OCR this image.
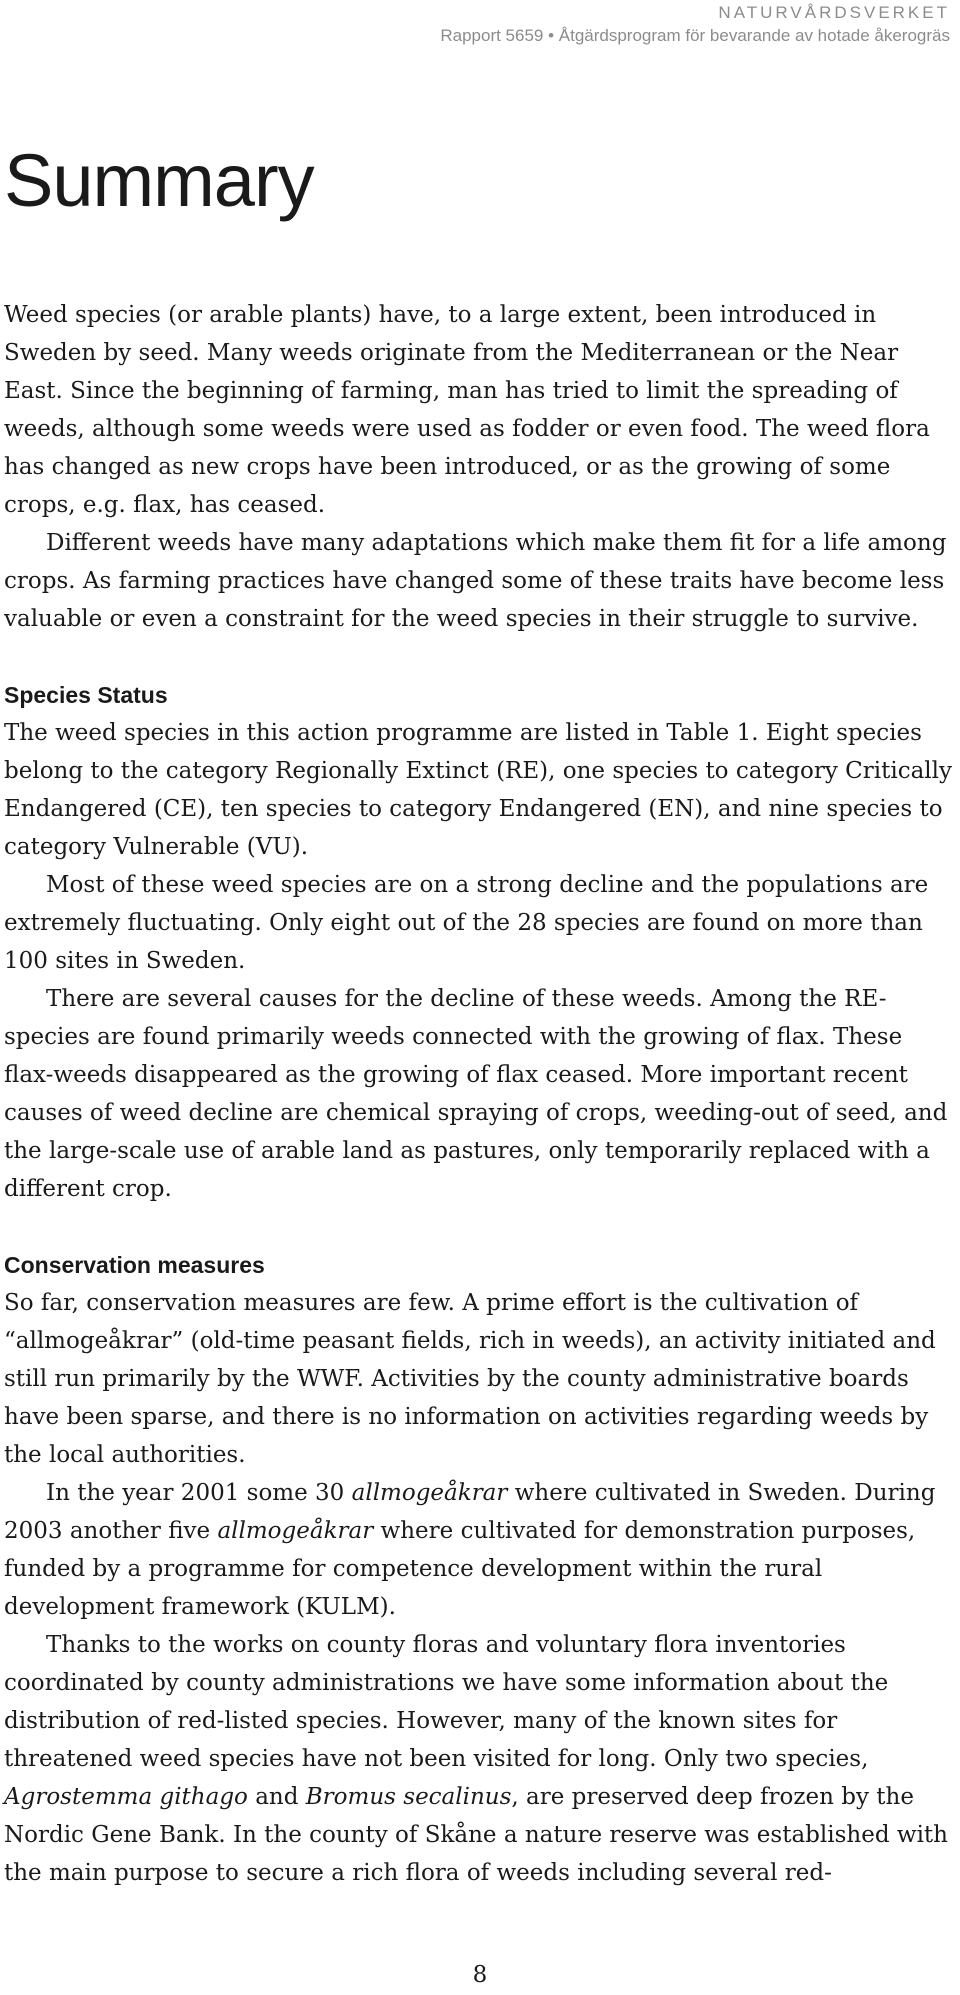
NATURVÅRDSVERKET
Rapport 5659 • Åtgärdsprogram för bevarande av hotade åkerogräs
Summary

Weed species (or arable plants) have, to a large extent, been introduced in Sweden by seed. Many weeds originate from the Mediterranean or the Near East. Since the beginning of farming, man has tried to limit the spreading of weeds, although some weeds were used as fodder or even food. The weed flora has changed as new crops have been introduced, or as the growing of some crops, e.g. flax, has ceased.

Different weeds have many adaptations which make them fit for a life among crops. As farming practices have changed some of these traits have become less valuable or even a constraint for the weed species in their struggle to survive.

Species Status

The weed species in this action programme are listed in Table 1. Eight species belong to the category Regionally Extinct (RE), one species to category Critically Endangered (CE), ten species to category Endangered (EN), and nine species to category Vulnerable (VU).

Most of these weed species are on a strong decline and the populations are extremely fluctuating. Only eight out of the 28 species are found on more than 100 sites in Sweden.

There are several causes for the decline of these weeds. Among the RE-species are found primarily weeds connected with the growing of flax. These flax-weeds disappeared as the growing of flax ceased. More important recent causes of weed decline are chemical spraying of crops, weeding-out of seed, and the large-scale use of arable land as pastures, only temporarily replaced with a different crop.

Conservation measures

So far, conservation measures are few. A prime effort is the cultivation of “allmogeåkrar” (old-time peasant fields, rich in weeds), an activity initiated and still run primarily by the WWF. Activities by the county administrative boards have been sparse, and there is no information on activities regarding weeds by the local authorities.

In the year 2001 some 30 allmogeåkrar where cultivated in Sweden. During 2003 another five allmogeåkrar where cultivated for demonstration purposes, funded by a programme for competence development within the rural development framework (KULM).

Thanks to the works on county floras and voluntary flora inventories coordinated by county administrations we have some information about the distribution of red-listed species. However, many of the known sites for threatened weed species have not been visited for long. Only two species, Agrostemma githago and Bromus secalinus, are preserved deep frozen by the Nordic Gene Bank. In the county of Skåne a nature reserve was established with the main purpose to secure a rich flora of weeds including several red-

8
